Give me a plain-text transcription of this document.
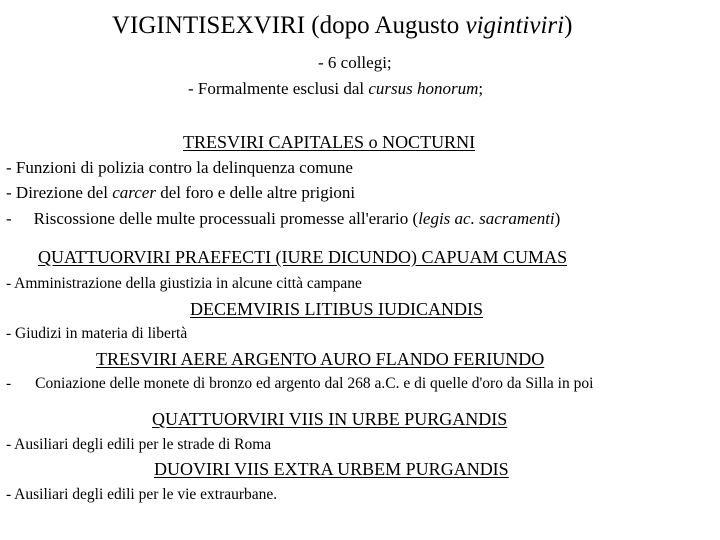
VIGINTISEXVIRI (dopo Augusto vigintiviri)
- 6 collegi;
- Formalmente esclusi dal cursus honorum;
TRESVIRI CAPITALES o NOCTURNI
- Funzioni di polizia contro la delinquenza comune
- Direzione del carcer del foro e delle altre prigioni
- Riscossione delle multe processuali promesse all'erario (legis ac. sacramenti)
QUATTUORVIRI PRAEFECTI (IURE DICUNDO) CAPUAM CUMAS
- Amministrazione della giustizia in alcune città campane
DECEMVIRIS LITIBUS IUDICANDIS
- Giudizi in materia di libertà
TRESVIRI AERE ARGENTO AURO FLANDO FERIUNDO
- Coniazione delle monete di bronzo ed argento dal 268 a.C. e di quelle d'oro da Silla in poi
QUATTUORVIRI VIIS IN URBE PURGANDIS
- Ausiliari degli edili per le strade di Roma
DUOVIRI VIIS EXTRA URBEM PURGANDIS
- Ausiliari degli edili per le vie extraurbane.
